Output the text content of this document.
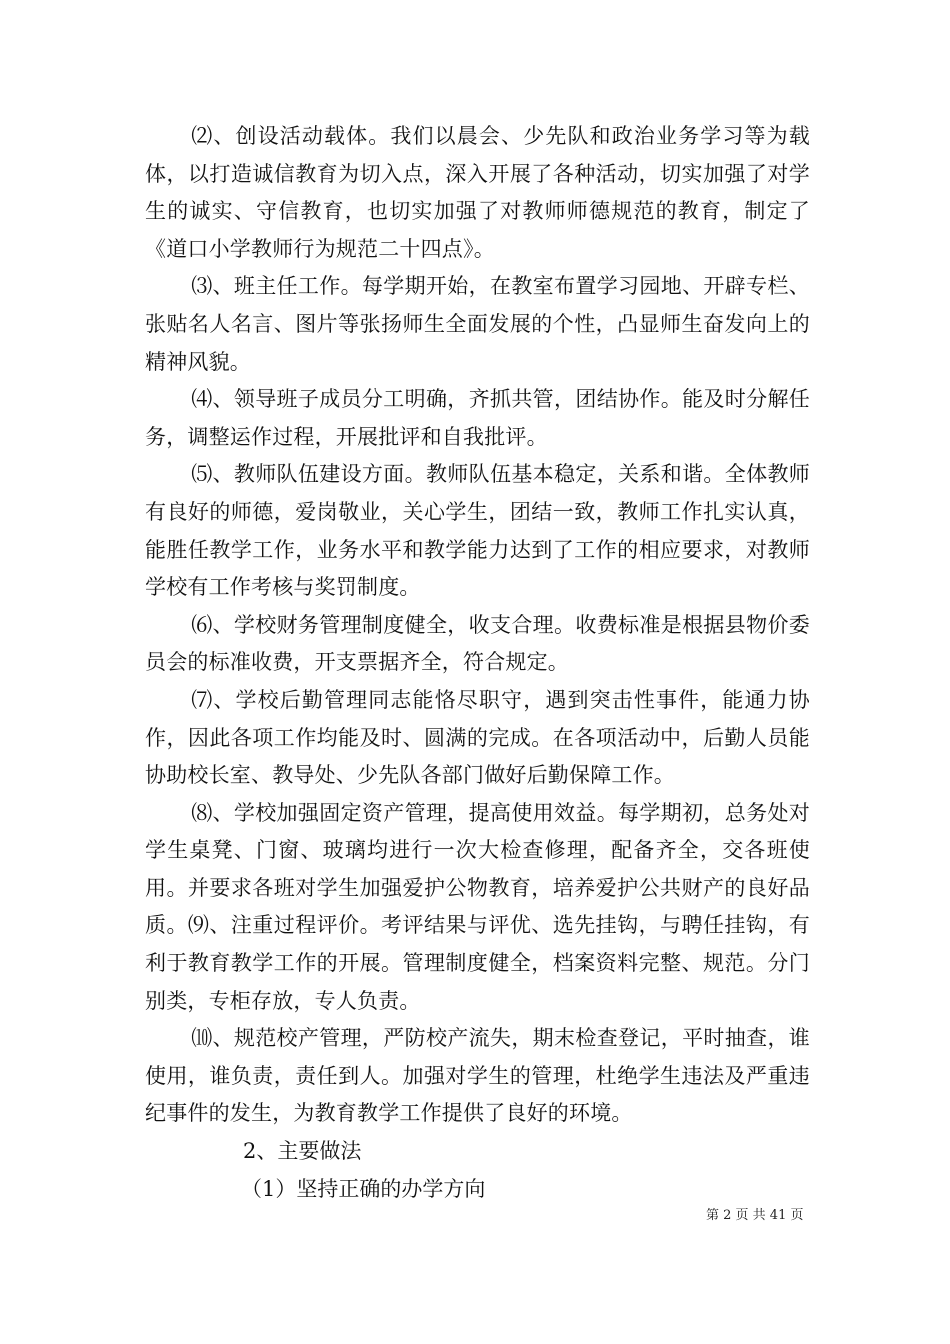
⑵、创设活动载体。我们以晨会、少先队和政治业务学习等为载体，以打造诚信教育为切入点，深入开展了各种活动，切实加强了对学生的诚实、守信教育，也切实加强了对教师师德规范的教育，制定了《道口小学教师行为规范二十四点》。

⑶、班主任工作。每学期开始，在教室布置学习园地、开辟专栏、张贴名人名言、图片等张扬师生全面发展的个性，凸显师生奋发向上的精神风貌。

⑷、领导班子成员分工明确，齐抓共管，团结协作。能及时分解任务，调整运作过程，开展批评和自我批评。

⑸、教师队伍建设方面。教师队伍基本稳定，关系和谐。全体教师有良好的师德，爱岗敬业，关心学生，团结一致，教师工作扎实认真，能胜任教学工作，业务水平和教学能力达到了工作的相应要求，对教师学校有工作考核与奖罚制度。

⑹、学校财务管理制度健全，收支合理。收费标准是根据县物价委员会的标准收费，开支票据齐全，符合规定。

⑺、学校后勤管理同志能恪尽职守，遇到突击性事件，能通力协作，因此各项工作均能及时、圆满的完成。在各项活动中，后勤人员能协助校长室、教导处、少先队各部门做好后勤保障工作。

⑻、学校加强固定资产管理，提高使用效益。每学期初，总务处对学生桌凳、门窗、玻璃均进行一次大检查修理，配备齐全，交各班使用。并要求各班对学生加强爱护公物教育，培养爱护公共财产的良好品质。⑼、注重过程评价。考评结果与评优、选先挂钩，与聘任挂钩，有利于教育教学工作的开展。管理制度健全，档案资料完整、规范。分门别类，专柜存放，专人负责。

⑽、规范校产管理，严防校产流失，期末检查登记，平时抽查，谁使用，谁负责，责任到人。加强对学生的管理，杜绝学生违法及严重违纪事件的发生，为教育教学工作提供了良好的环境。

2、主要做法

（1）坚持正确的办学方向

第 2 页 共 41 页
